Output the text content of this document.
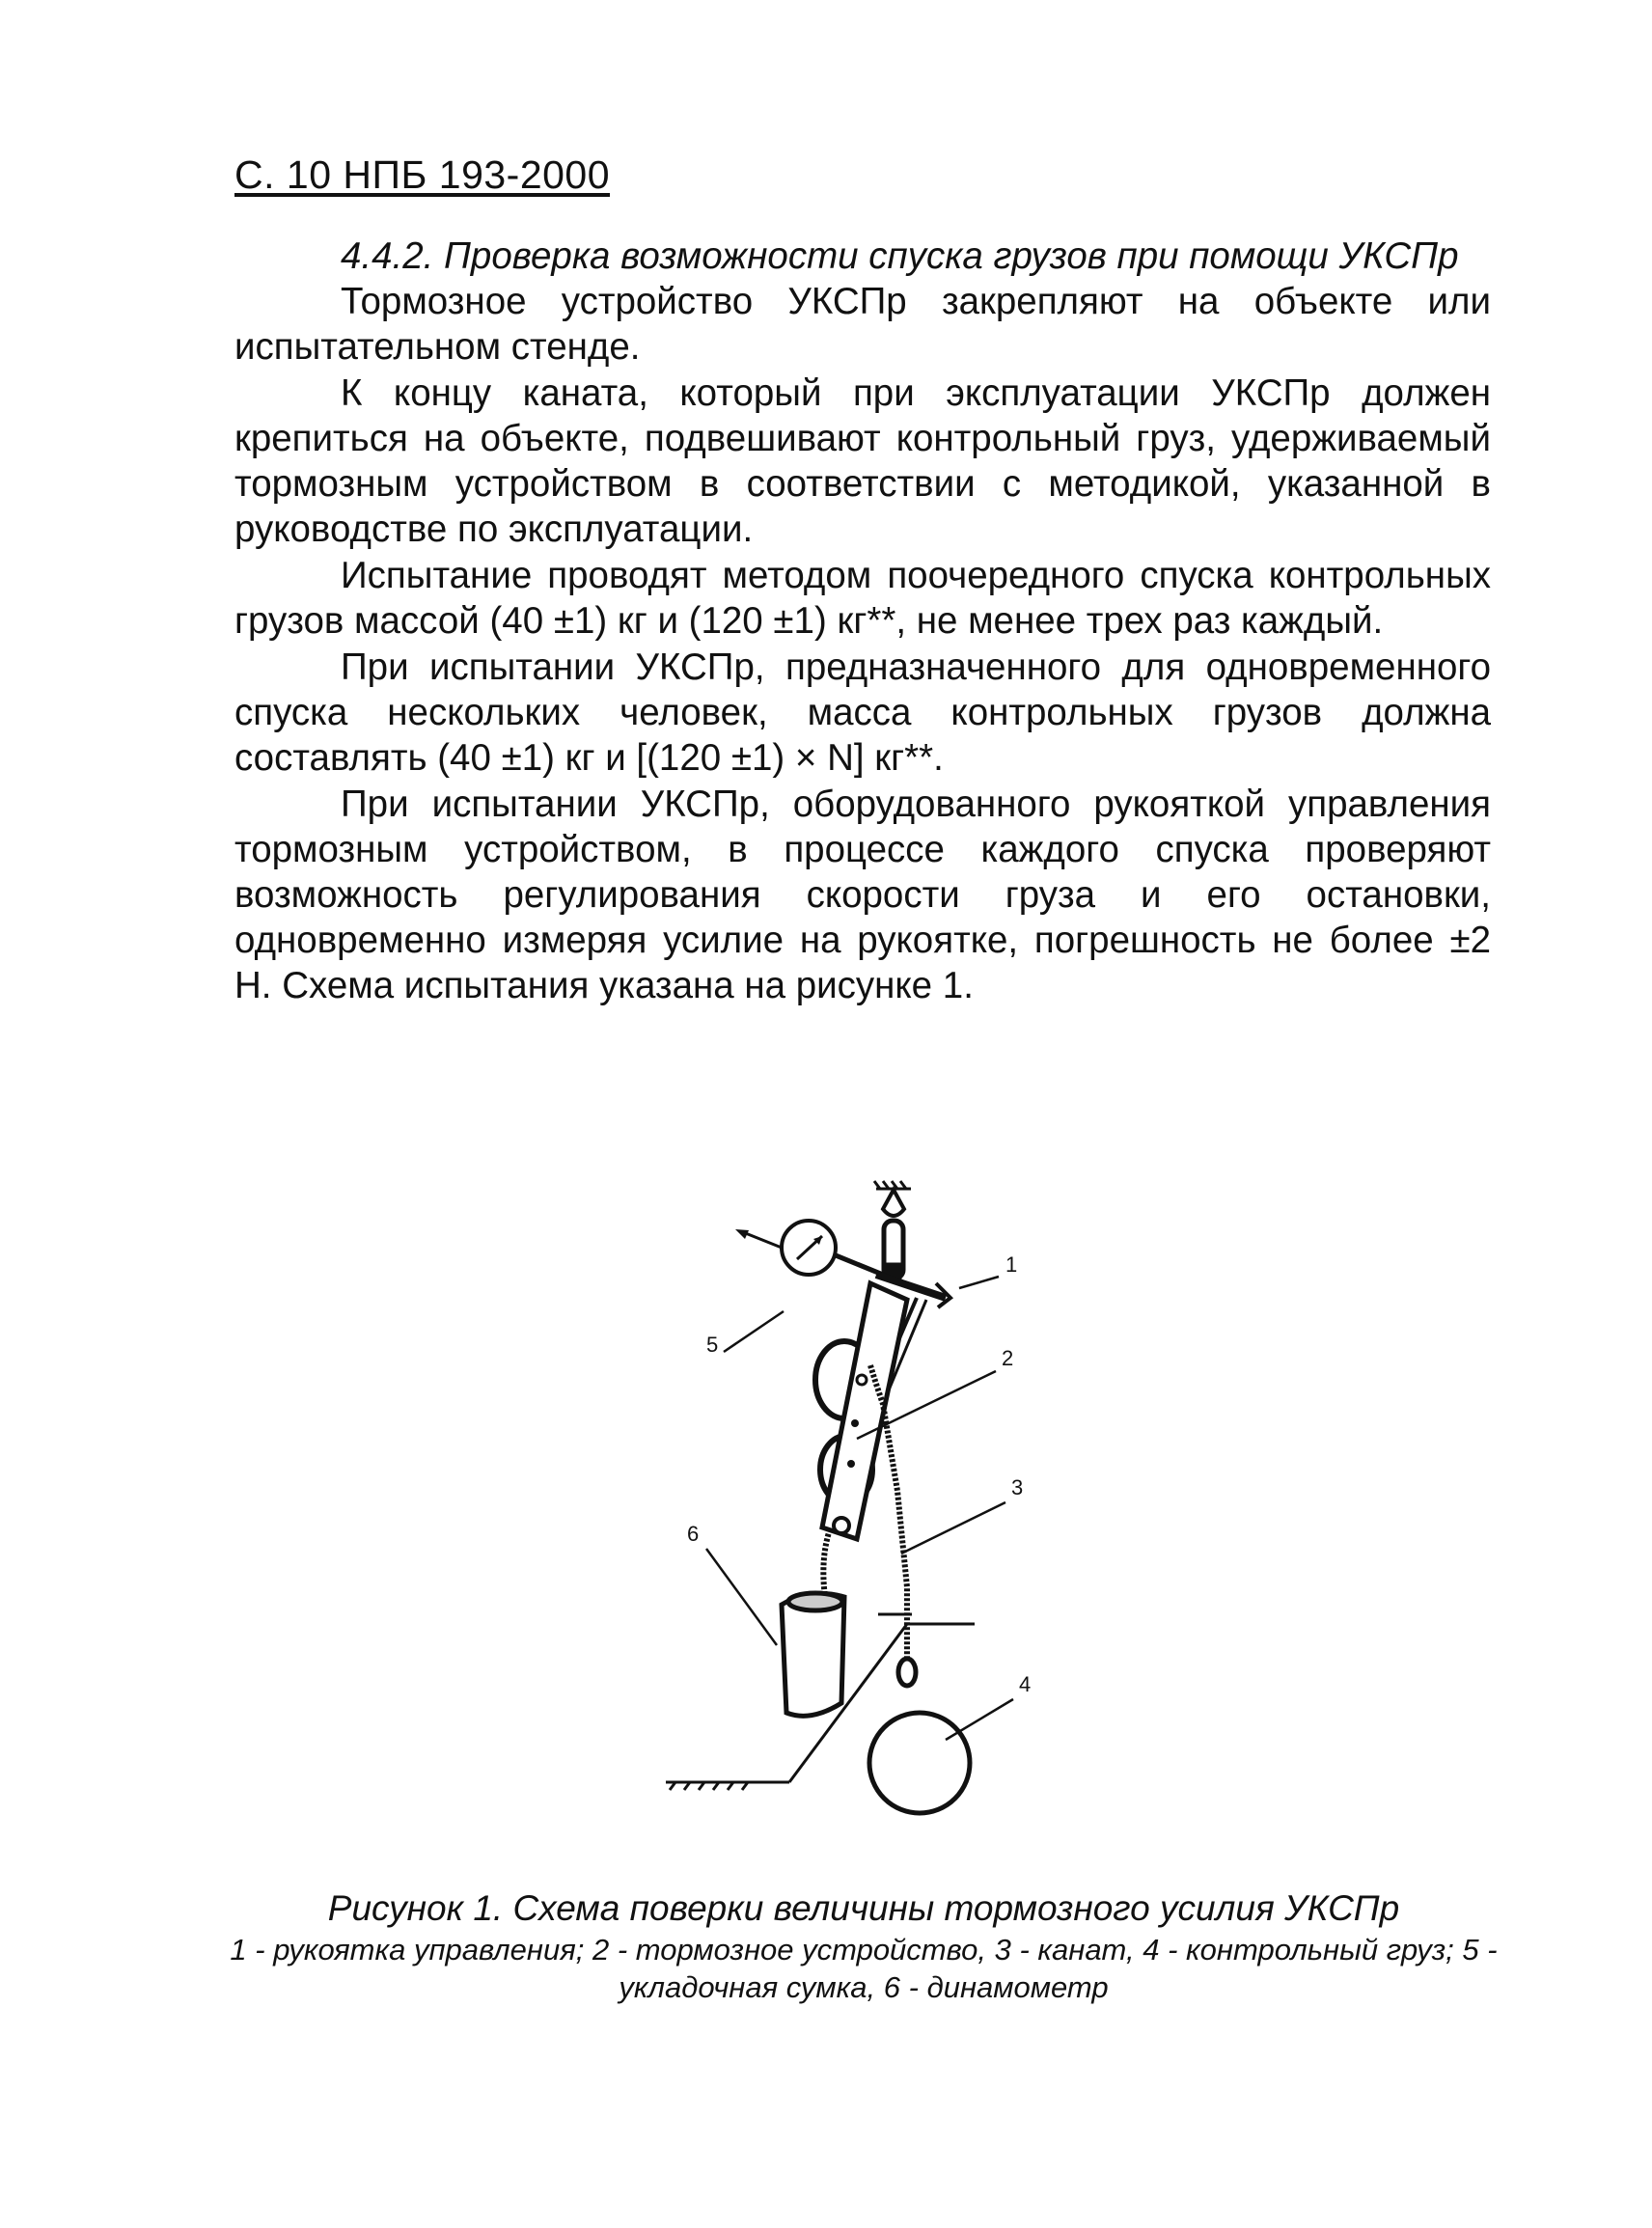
С. 10 НПБ 193-2000

4.4.2. Проверка возможности спуска грузов при помощи УКСПр

Тормозное устройство УКСПр закрепляют на объекте или испытательном стенде.

К концу каната, который при эксплуатации УКСПр должен крепиться на объекте, подвешивают контрольный груз, удерживаемый тормозным устройством в соответствии с методикой, указанной в руководстве по эксплуатации.

Испытание проводят методом поочередного спуска контрольных грузов массой (40 ±1) кг и (120 ±1) кг**, не менее трех раз каждый.

При испытании УКСПр, предназначенного для одновременного спуска нескольких человек, масса контрольных грузов должна составлять (40 ±1) кг и [(120 ±1) × N] кг**.

При испытании УКСПр, оборудованного рукояткой управления тормозным устройством, в процессе каждого спуска проверяют возможность регулирования скорости груза и его остановки, одновременно измеряя усилие на рукоятке, погрешность не более ±2 Н. Схема испытания указана на рисунке 1.

1
2
3
4
5
6
Рисунок 1. Схема поверки величины тормозного усилия УКСПр
1 - рукоятка управления; 2 - тормозное устройство, 3 - канат, 4 - контрольный груз; 5 - укладочная сумка, 6 - динамометр
